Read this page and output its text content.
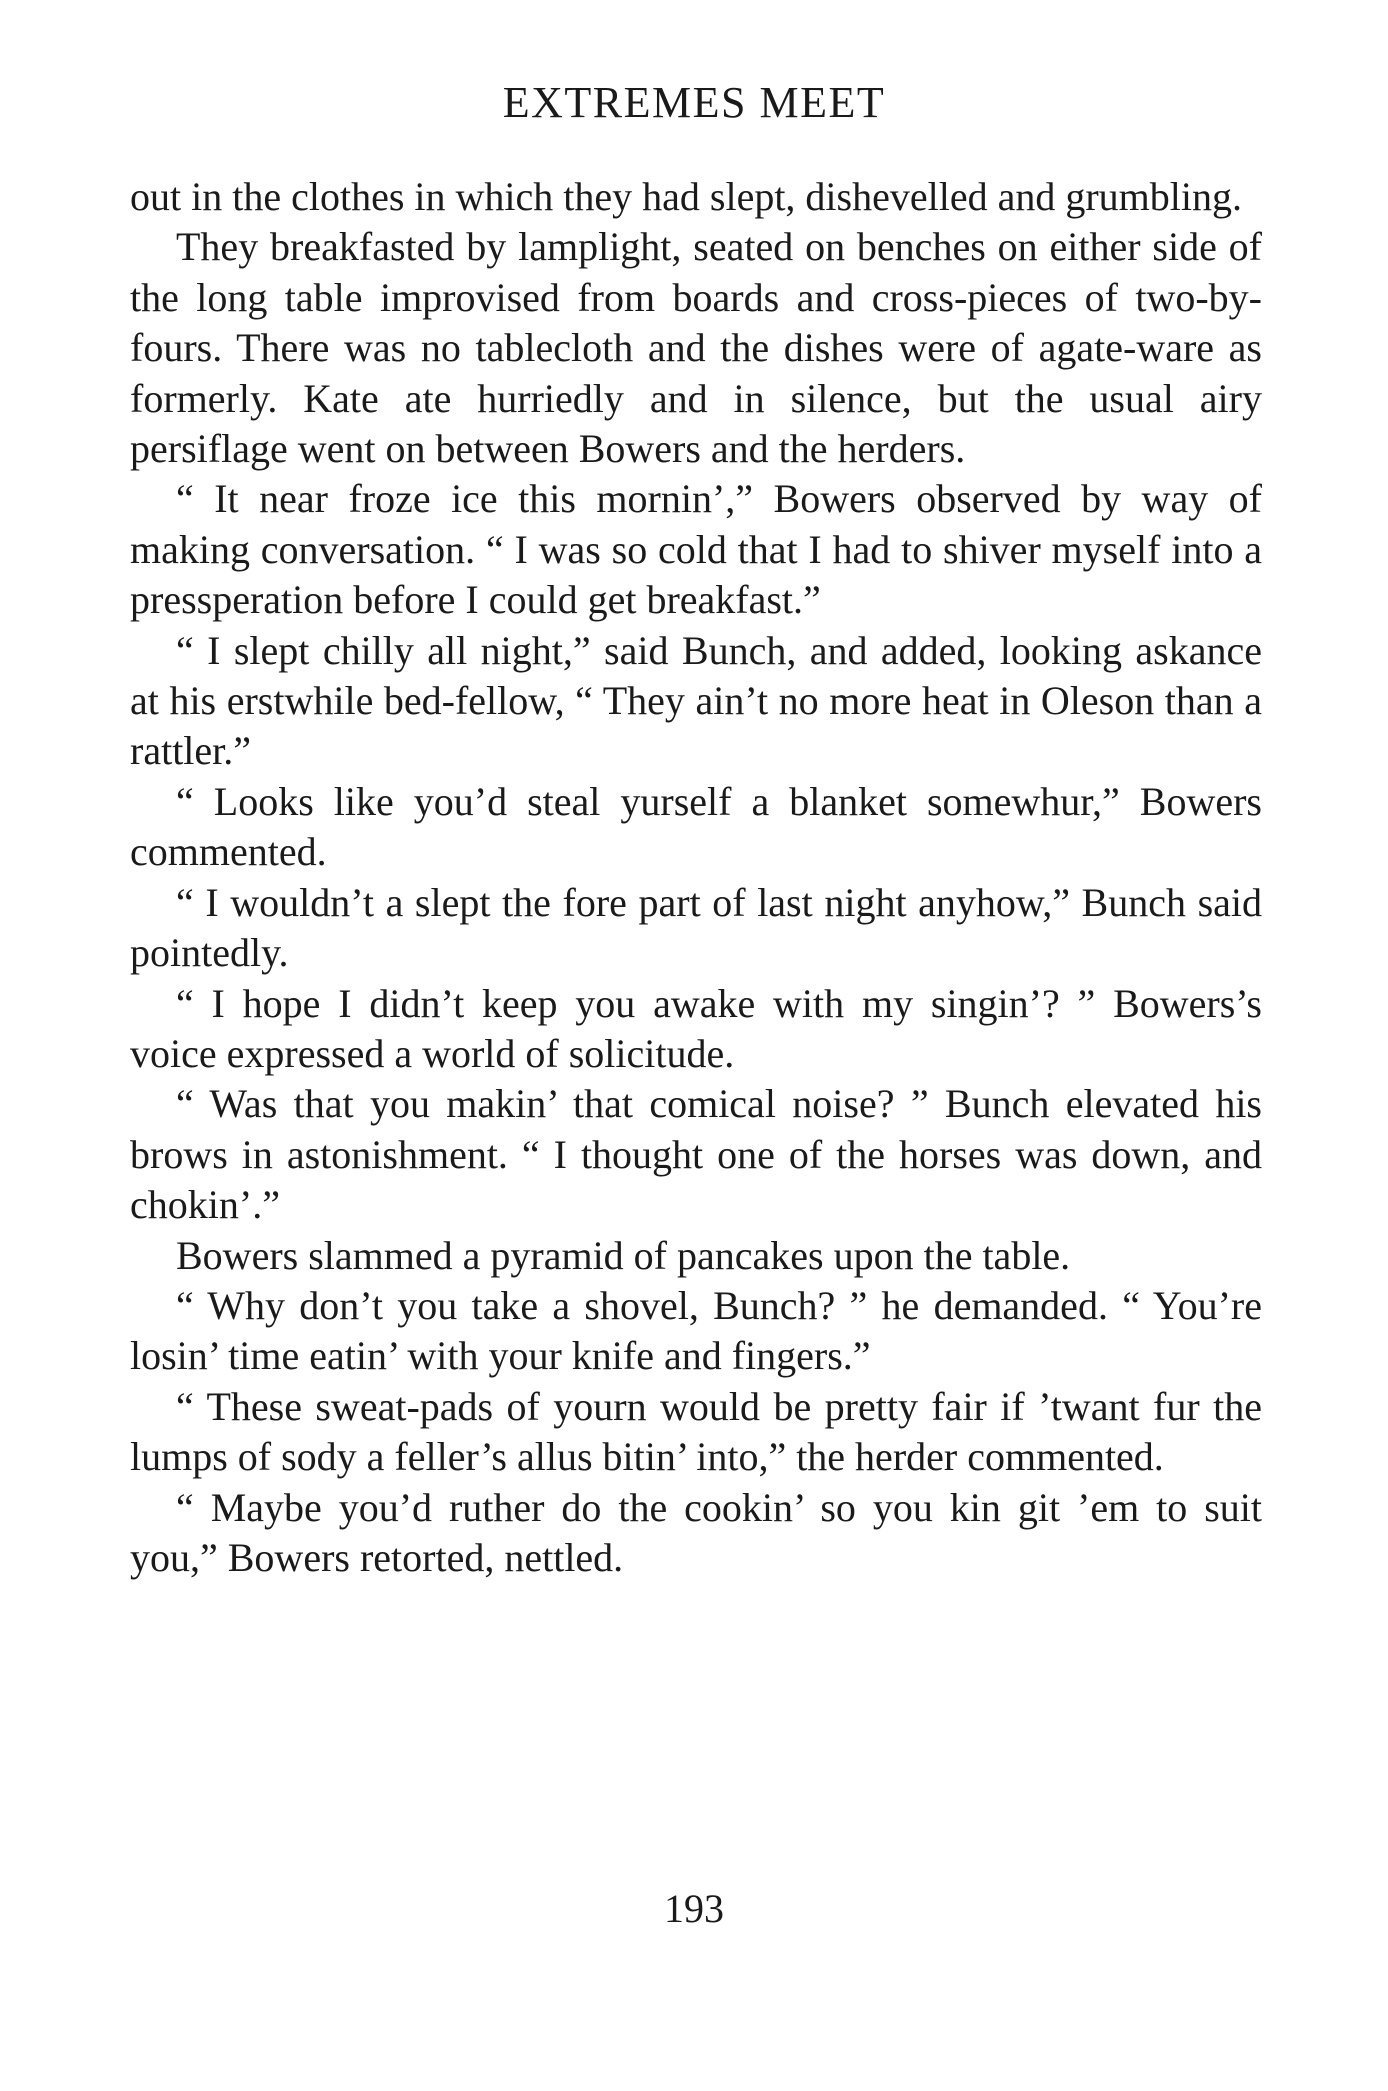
EXTREMES MEET

out in the clothes in which they had slept, dishevelled and grumbling.

They breakfasted by lamplight, seated on benches on either side of the long table improvised from boards and cross-pieces of two-by-fours. There was no tablecloth and the dishes were of agate-ware as formerly. Kate ate hurriedly and in silence, but the usual airy persiflage went on between Bowers and the herders.

“ It near froze ice this mornin’,” Bowers observed by way of making conversation. “ I was so cold that I had to shiver myself into a pressperation before I could get breakfast.”

“ I slept chilly all night,” said Bunch, and added, looking askance at his erstwhile bed-fellow, “ They ain’t no more heat in Oleson than a rattler.”

“ Looks like you’d steal yurself a blanket somewhur,” Bowers commented.

“ I wouldn’t a slept the fore part of last night anyhow,” Bunch said pointedly.

“ I hope I didn’t keep you awake with my singin’? ” Bowers’s voice expressed a world of solicitude.

“ Was that you makin’ that comical noise? ” Bunch elevated his brows in astonishment. “ I thought one of the horses was down, and chokin’.”

Bowers slammed a pyramid of pancakes upon the table.

“ Why don’t you take a shovel, Bunch? ” he demanded. “ You’re losin’ time eatin’ with your knife and fingers.”

“ These sweat-pads of yourn would be pretty fair if ’twant fur the lumps of sody a feller’s allus bitin’ into,” the herder commented.

“ Maybe you’d ruther do the cookin’ so you kin git ’em to suit you,” Bowers retorted, nettled.

193
